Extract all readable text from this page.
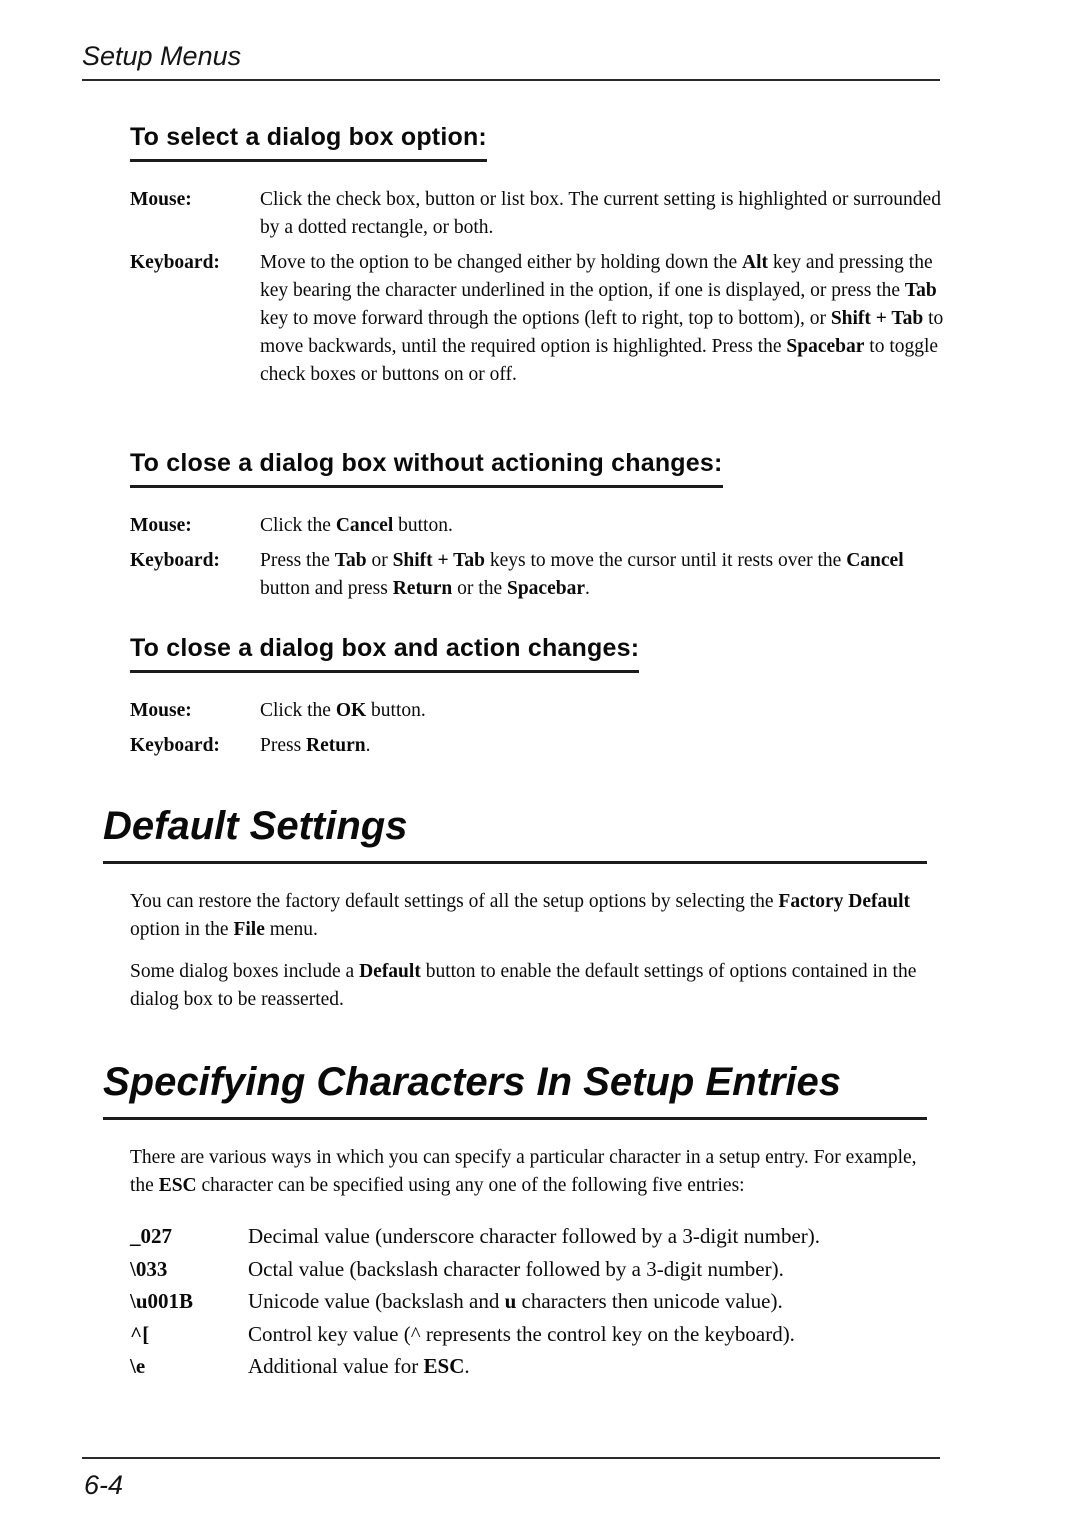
Setup Menus
To select a dialog box option:
Mouse:	Click the check box, button or list box. The current setting is highlighted or surrounded by a dotted rectangle, or both.
Keyboard:	Move to the option to be changed either by holding down the Alt key and pressing the key bearing the character underlined in the option, if one is displayed, or press the Tab key to move forward through the options (left to right, top to bottom), or Shift + Tab to move backwards, until the required option is highlighted. Press the Spacebar to toggle check boxes or buttons on or off.
To close a dialog box without actioning changes:
Mouse:	Click the Cancel button.
Keyboard:	Press the Tab or Shift + Tab keys to move the cursor until it rests over the Cancel button and press Return or the Spacebar.
To close a dialog box and action changes:
Mouse:	Click the OK button.
Keyboard:	Press Return.
Default Settings

You can restore the factory default settings of all the setup options by selecting the Factory Default option in the File menu.

Some dialog boxes include a Default button to enable the default settings of options contained in the dialog box to be reasserted.

Specifying Characters In Setup Entries

There are various ways in which you can specify a particular character in a setup entry. For example, the ESC character can be specified using any one of the following five entries:

_027	Decimal value (underscore character followed by a 3-digit number).
\033	Octal value (backslash character followed by a 3-digit number).
\u001B	Unicode value (backslash and u characters then unicode value).
^[	Control key value (^ represents the control key on the keyboard).
\e	Additional value for ESC.
6-4
